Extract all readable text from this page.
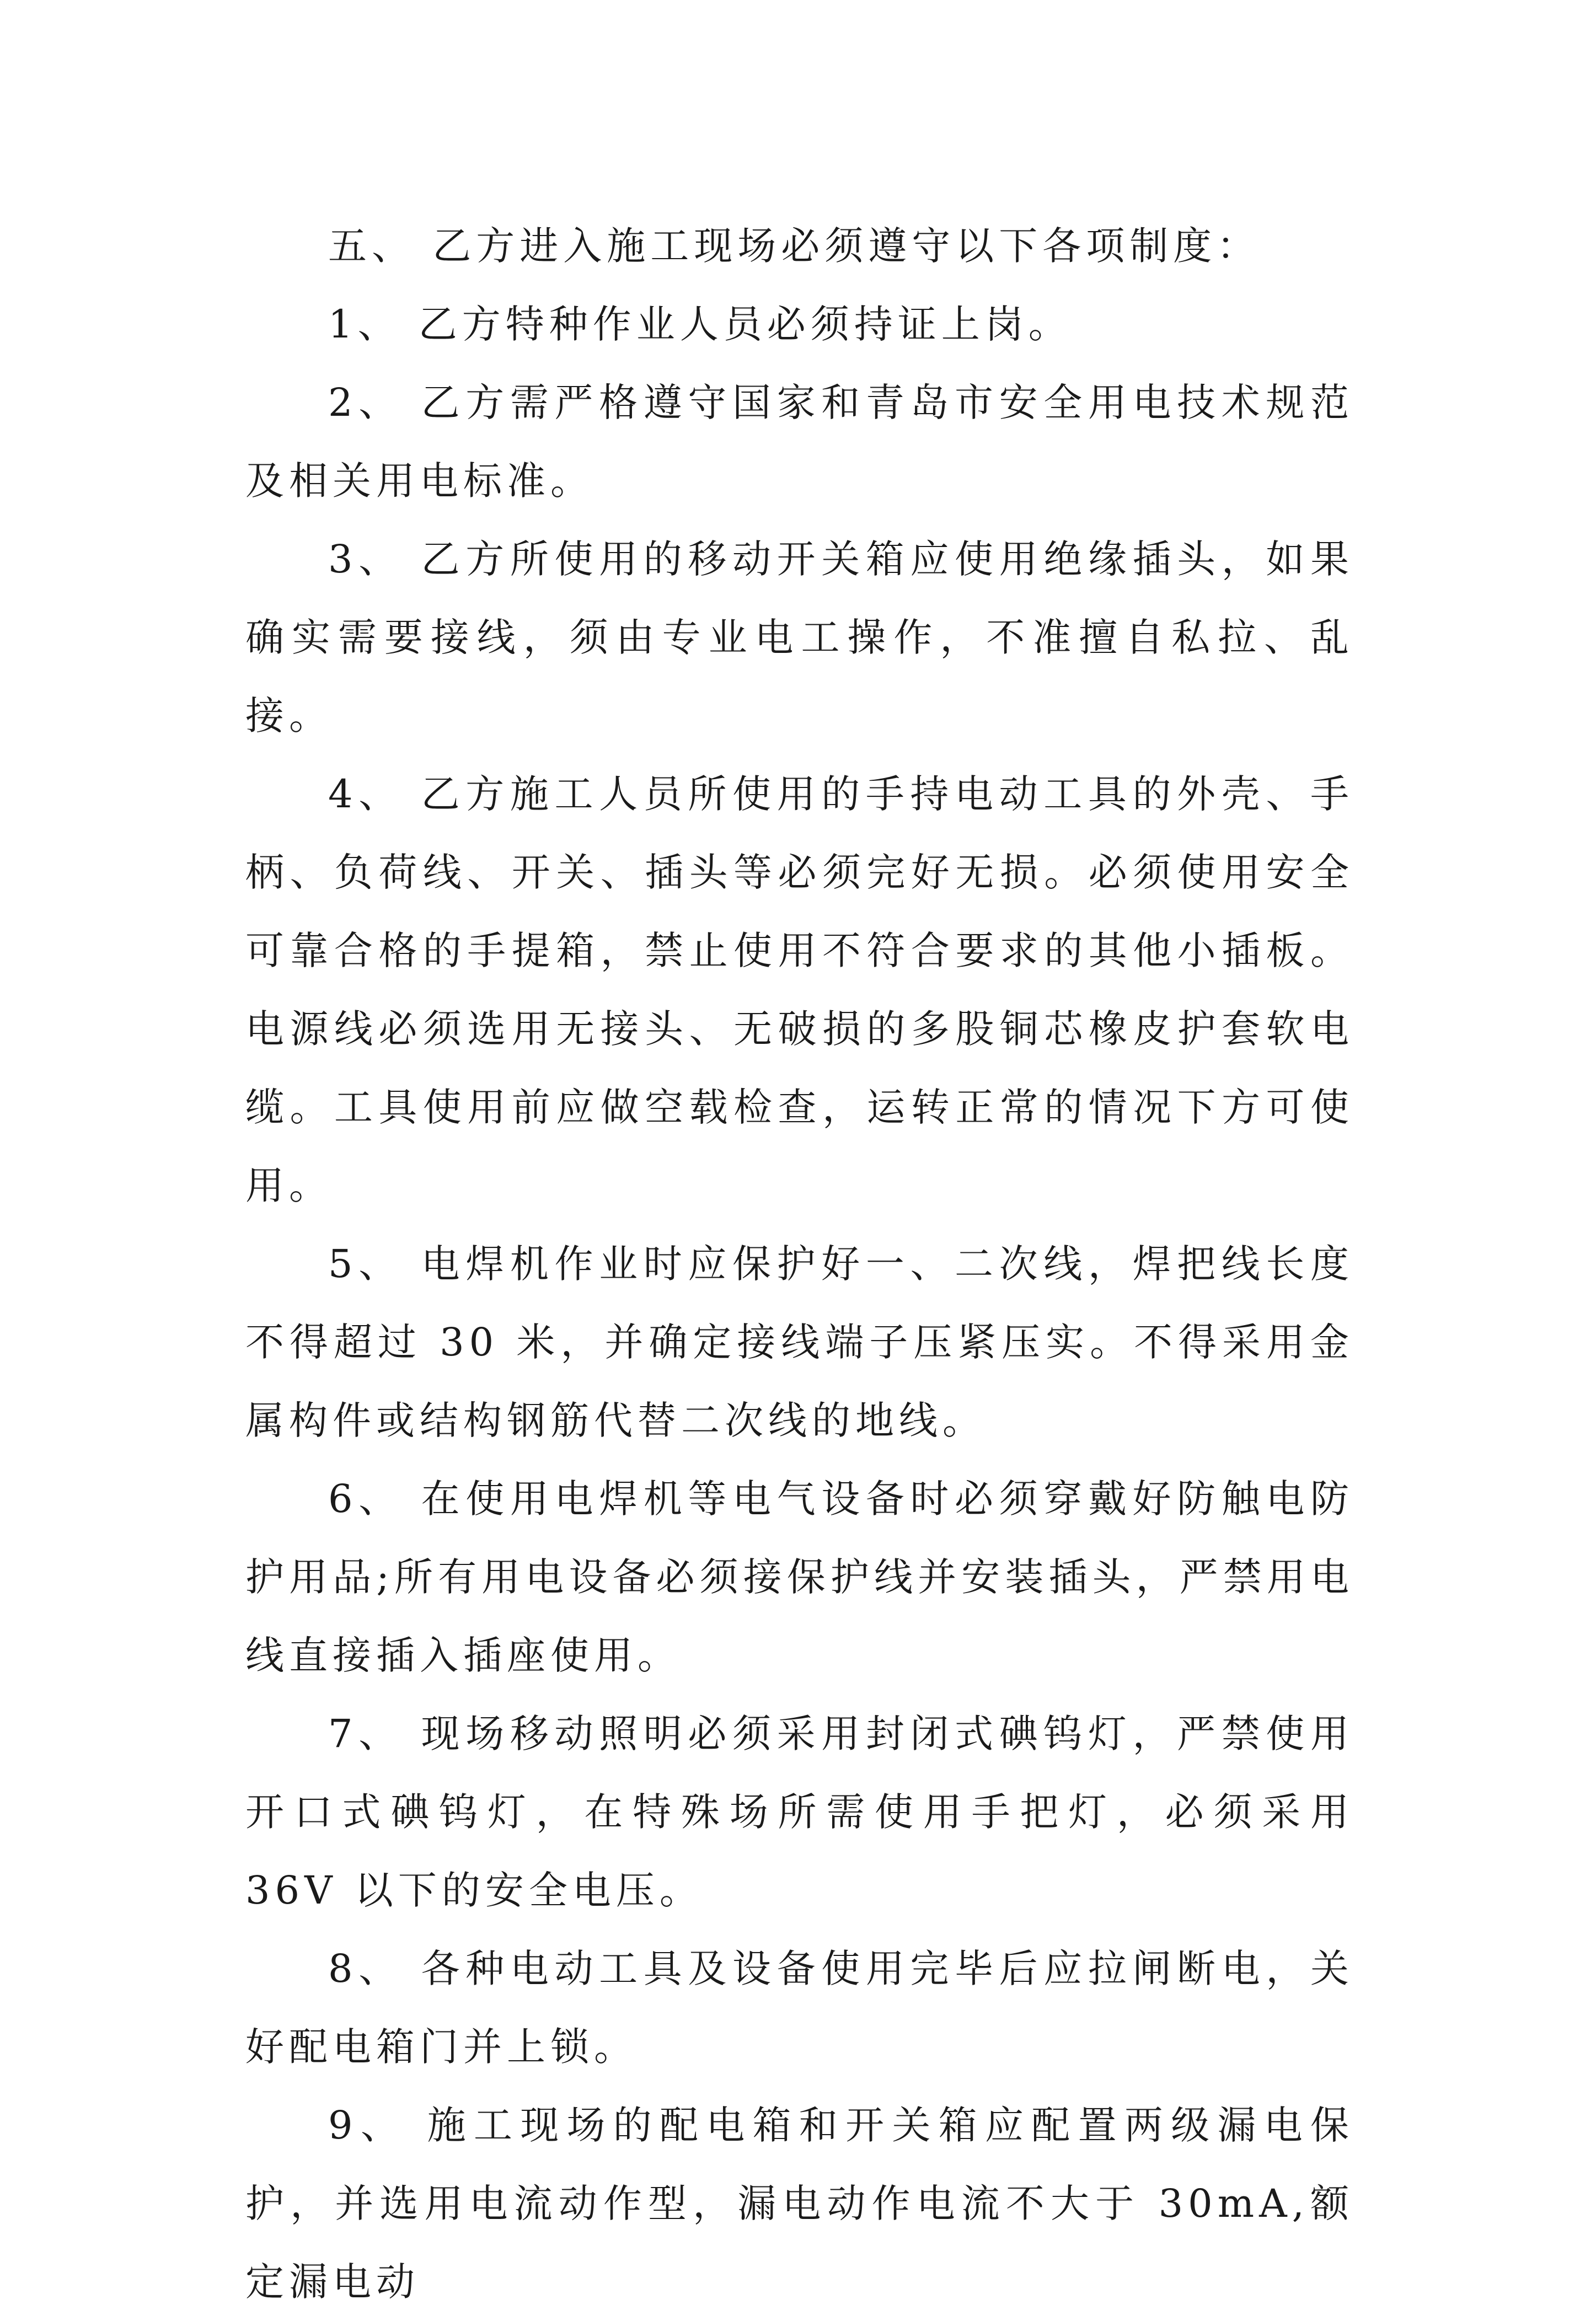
五、 乙方进入施工现场必须遵守以下各项制度：

1、 乙方特种作业人员必须持证上岗。

2、 乙方需严格遵守国家和青岛市安全用电技术规范及相关用电标准。

3、 乙方所使用的移动开关箱应使用绝缘插头，如果确实需要接线，须由专业电工操作，不准擅自私拉、乱接。

4、 乙方施工人员所使用的手持电动工具的外壳、手柄、负荷线、开关、插头等必须完好无损。必须使用安全可靠合格的手提箱，禁止使用不符合要求的其他小插板。电源线必须选用无接头、无破损的多股铜芯橡皮护套软电缆。工具使用前应做空载检查，运转正常的情况下方可使用。

5、 电焊机作业时应保护好一、二次线，焊把线长度不得超过 30 米，并确定接线端子压紧压实。不得采用金属构件或结构钢筋代替二次线的地线。

6、 在使用电焊机等电气设备时必须穿戴好防触电防护用品;所有用电设备必须接保护线并安装插头，严禁用电线直接插入插座使用。

7、 现场移动照明必须采用封闭式碘钨灯，严禁使用开口式碘钨灯，在特殊场所需使用手把灯，必须采用 36V 以下的安全电压。

8、 各种电动工具及设备使用完毕后应拉闸断电，关好配电箱门并上锁。

9、 施工现场的配电箱和开关箱应配置两级漏电保护，并选用电流动作型，漏电动作电流不大于 30mA,额定漏电动
